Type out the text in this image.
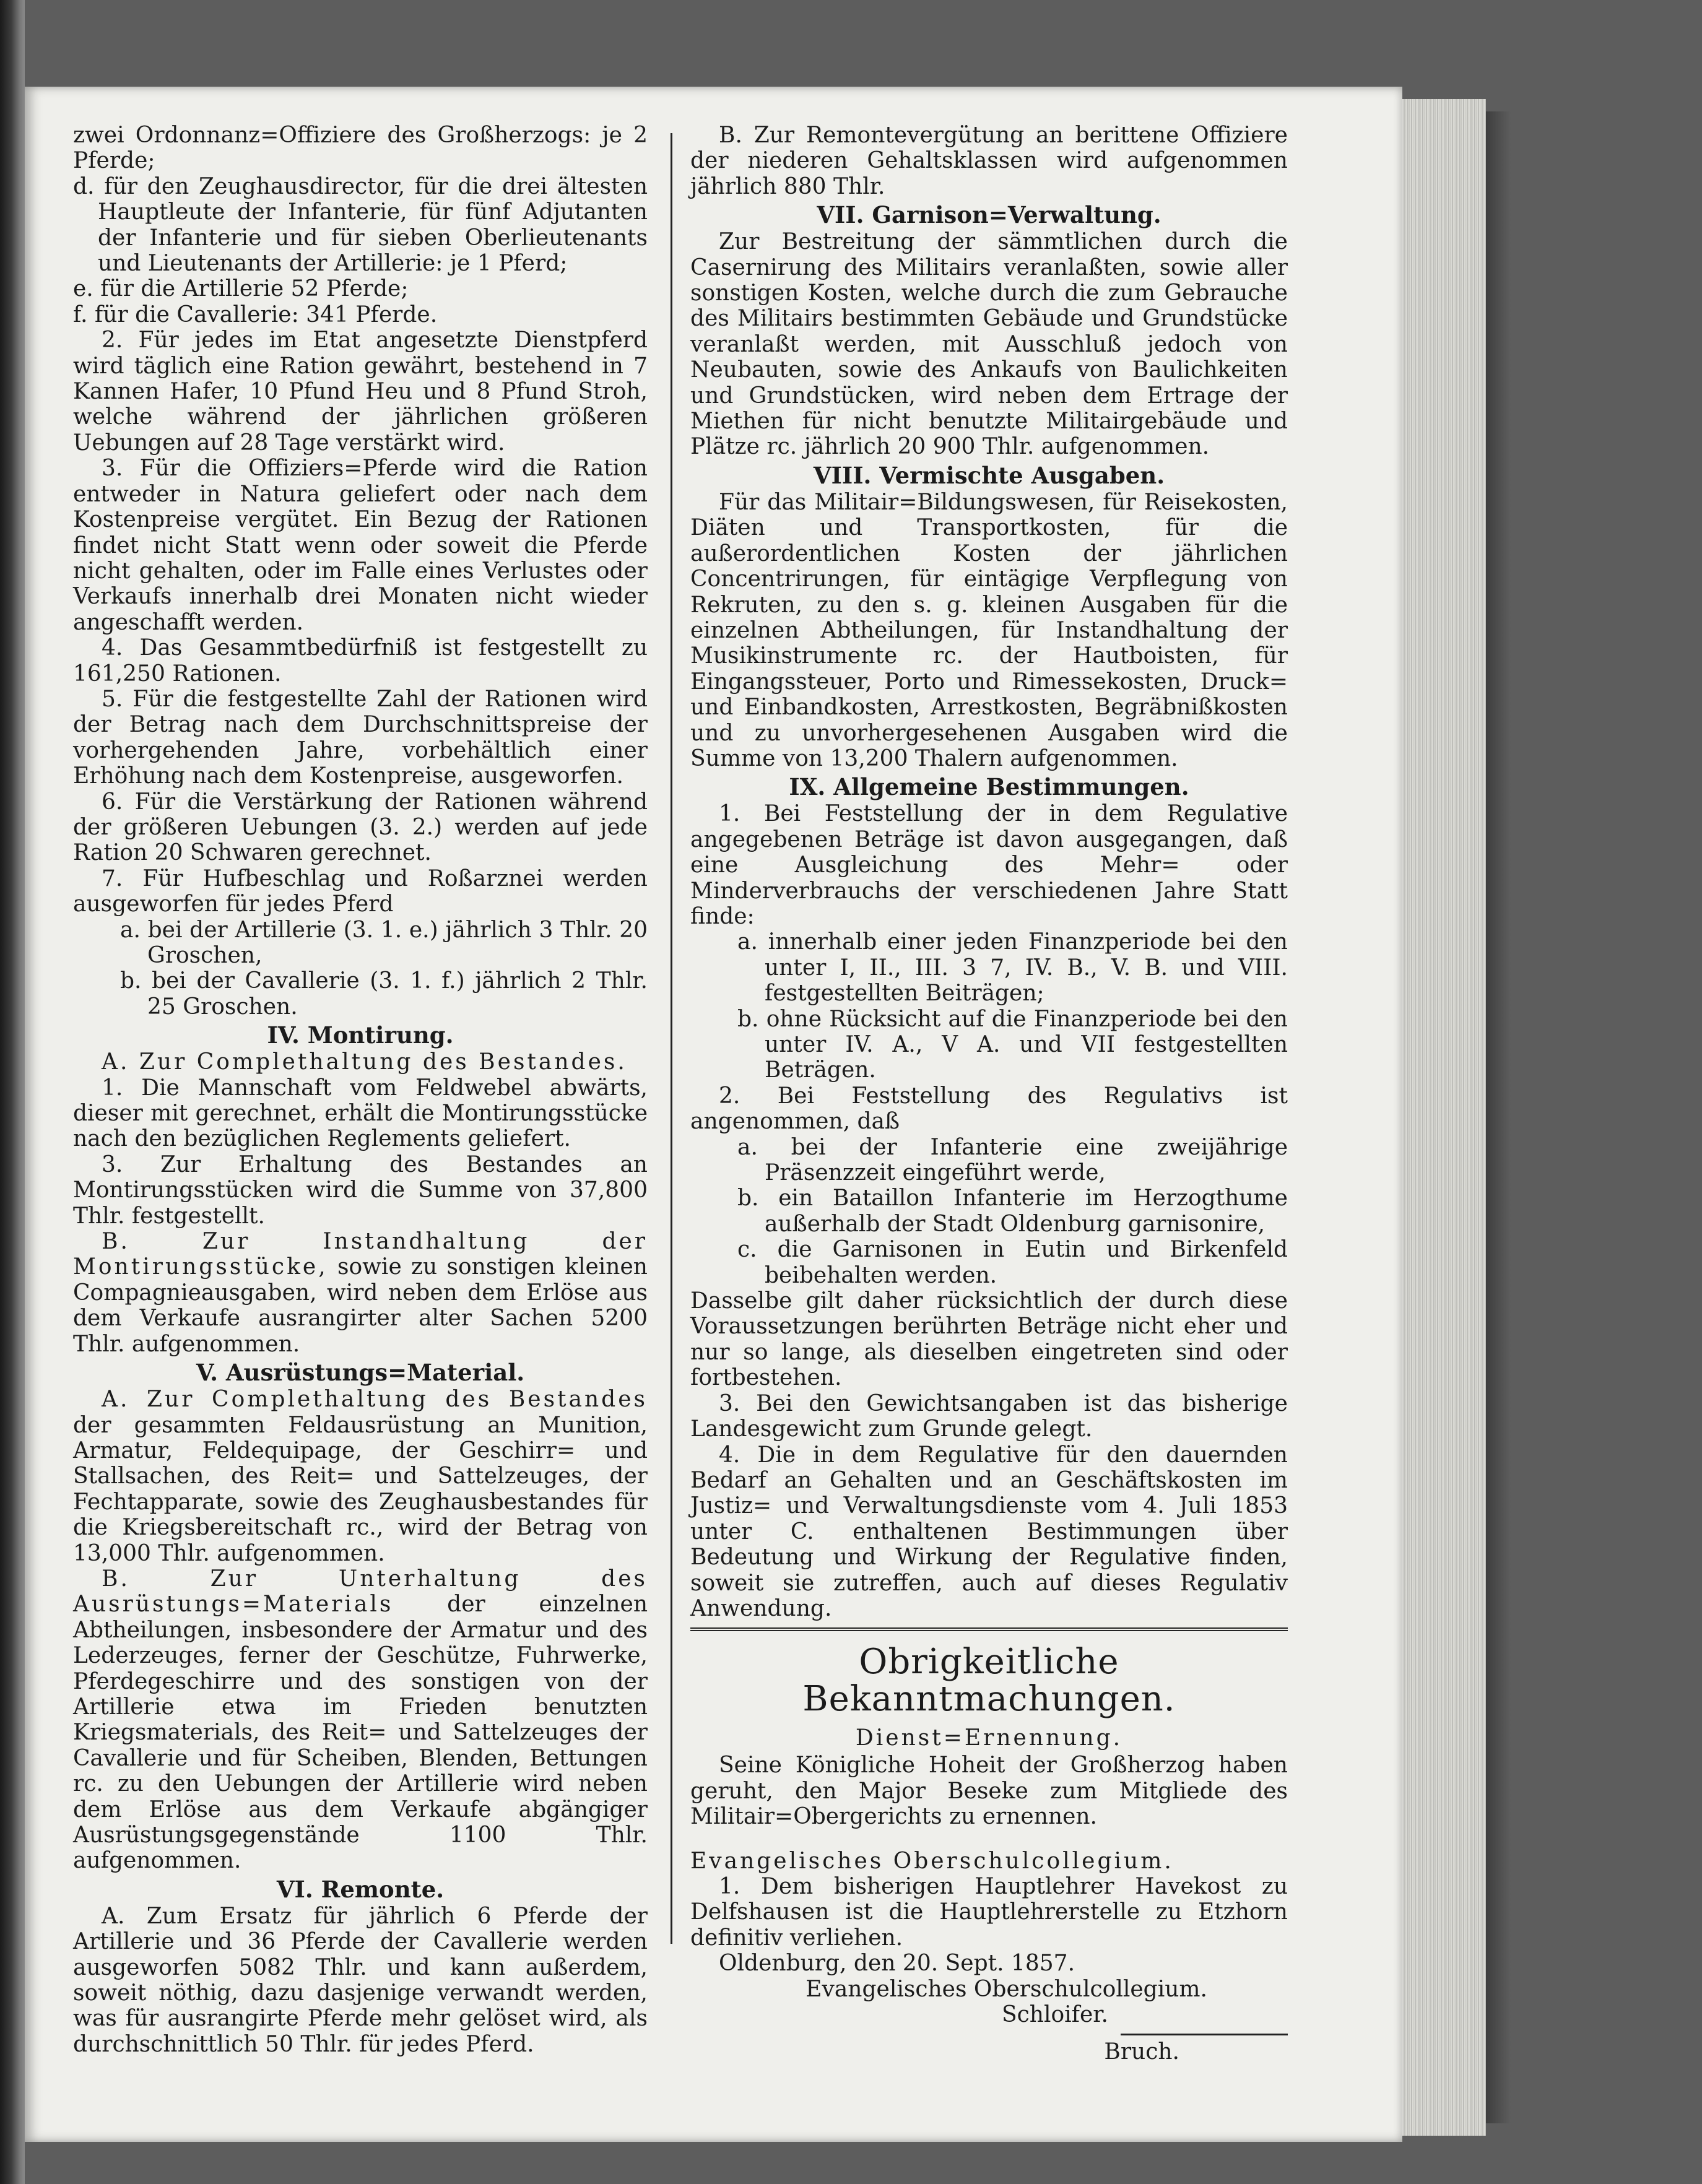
zwei Ordonnanz=Offiziere des Großherzogs: je 2 Pferde;

d. für den Zeughausdirector, für die drei ältesten Hauptleute der Infanterie, für fünf Adjutanten der Infanterie und für sieben Oberlieutenants und Lieutenants der Artillerie: je 1 Pferd;

e. für die Artillerie 52 Pferde;

f. für die Cavallerie: 341 Pferde.

2. Für jedes im Etat angesetzte Dienstpferd wird täglich eine Ration gewährt, bestehend in 7 Kannen Hafer, 10 Pfund Heu und 8 Pfund Stroh, welche während der jährlichen größeren Uebungen auf 28 Tage verstärkt wird.

3. Für die Offiziers=Pferde wird die Ration entweder in Natura geliefert oder nach dem Kostenpreise vergütet. Ein Bezug der Rationen findet nicht Statt wenn oder soweit die Pferde nicht gehalten, oder im Falle eines Verlustes oder Verkaufs innerhalb drei Monaten nicht wieder angeschafft werden.

4. Das Gesammtbedürfniß ist festgestellt zu 161,250 Rationen.

5. Für die festgestellte Zahl der Rationen wird der Betrag nach dem Durchschnittspreise der vorhergehenden Jahre, vorbehältlich einer Erhöhung nach dem Kostenpreise, ausgeworfen.

6. Für die Verstärkung der Rationen während der größeren Uebungen (3. 2.) werden auf jede Ration 20 Schwaren gerechnet.

7. Für Hufbeschlag und Roßarznei werden ausgeworfen für jedes Pferd

a. bei der Artillerie (3. 1. e.) jährlich 3 Thlr. 20 Groschen,

b. bei der Cavallerie (3. 1. f.) jährlich 2 Thlr. 25 Groschen.

IV. Montirung.

A. Zur Complethaltung des Bestandes.

1. Die Mannschaft vom Feldwebel abwärts, dieser mit gerechnet, erhält die Montirungsstücke nach den bezüglichen Reglements geliefert.

3. Zur Erhaltung des Bestandes an Montirungsstücken wird die Summe von 37,800 Thlr. festgestellt.

B. Zur Instandhaltung der Montirungsstücke, sowie zu sonstigen kleinen Compagnieausgaben, wird neben dem Erlöse aus dem Verkaufe ausrangirter alter Sachen 5200 Thlr. aufgenommen.

V. Ausrüstungs=Material.

A. Zur Complethaltung des Bestandes der gesammten Feldausrüstung an Munition, Armatur, Feldequipage, der Geschirr= und Stallsachen, des Reit= und Sattelzeuges, der Fechtapparate, sowie des Zeughausbestandes für die Kriegsbereitschaft rc., wird der Betrag von 13,000 Thlr. aufgenommen.

B. Zur Unterhaltung des Ausrüstungs=Materials der einzelnen Abtheilungen, insbesondere der Armatur und des Lederzeuges, ferner der Geschütze, Fuhrwerke, Pferdegeschirre und des sonstigen von der Artillerie etwa im Frieden benutzten Kriegsmaterials, des Reit= und Sattelzeuges der Cavallerie und für Scheiben, Blenden, Bettungen rc. zu den Uebungen der Artillerie wird neben dem Erlöse aus dem Verkaufe abgängiger Ausrüstungsgegenstände 1100 Thlr. aufgenommen.

VI. Remonte.

A. Zum Ersatz für jährlich 6 Pferde der Artillerie und 36 Pferde der Cavallerie werden ausgeworfen 5082 Thlr. und kann außerdem, soweit nöthig, dazu dasjenige verwandt werden, was für ausrangirte Pferde mehr gelöset wird, als durchschnittlich 50 Thlr. für jedes Pferd.

B. Zur Remontevergütung an berittene Offiziere der niederen Gehaltsklassen wird aufgenommen jährlich 880 Thlr.

VII. Garnison=Verwaltung.

Zur Bestreitung der sämmtlichen durch die Casernirung des Militairs veranlaßten, sowie aller sonstigen Kosten, welche durch die zum Gebrauche des Militairs bestimmten Gebäude und Grundstücke veranlaßt werden, mit Ausschluß jedoch von Neubauten, sowie des Ankaufs von Baulichkeiten und Grundstücken, wird neben dem Ertrage der Miethen für nicht benutzte Militairgebäude und Plätze rc. jährlich 20 900 Thlr. aufgenommen.

VIII. Vermischte Ausgaben.

Für das Militair=Bildungswesen, für Reisekosten, Diäten und Transportkosten, für die außerordentlichen Kosten der jährlichen Concentrirungen, für eintägige Verpflegung von Rekruten, zu den s. g. kleinen Ausgaben für die einzelnen Abtheilungen, für Instandhaltung der Musikinstrumente rc. der Hautboisten, für Eingangssteuer, Porto und Rimessekosten, Druck= und Einbandkosten, Arrestkosten, Begräbnißkosten und zu unvorhergesehenen Ausgaben wird die Summe von 13,200 Thalern aufgenommen.

IX. Allgemeine Bestimmungen.

1. Bei Feststellung der in dem Regulative angegebenen Beträge ist davon ausgegangen, daß eine Ausgleichung des Mehr= oder Minderverbrauchs der verschiedenen Jahre Statt finde:

a. innerhalb einer jeden Finanzperiode bei den unter I, II., III. 3 7, IV. B., V. B. und VIII. festgestellten Beiträgen;

b. ohne Rücksicht auf die Finanzperiode bei den unter IV. A., V A. und VII festgestellten Beträgen.

2. Bei Feststellung des Regulativs ist angenommen, daß

a. bei der Infanterie eine zweijährige Präsenzzeit eingeführt werde,

b. ein Bataillon Infanterie im Herzogthume außerhalb der Stadt Oldenburg garnisonire,

c. die Garnisonen in Eutin und Birkenfeld beibehalten werden.

Dasselbe gilt daher rücksichtlich der durch diese Voraussetzungen berührten Beträge nicht eher und nur so lange, als dieselben eingetreten sind oder fortbestehen.

3. Bei den Gewichtsangaben ist das bisherige Landesgewicht zum Grunde gelegt.

4. Die in dem Regulative für den dauernden Bedarf an Gehalten und an Geschäftskosten im Justiz= und Verwaltungsdienste vom 4. Juli 1853 unter C. enthaltenen Bestimmungen über Bedeutung und Wirkung der Regulative finden, soweit sie zutreffen, auch auf dieses Regulativ Anwendung.

Obrigkeitliche Bekanntmachungen.
Dienst=Ernennung.

Seine Königliche Hoheit der Großherzog haben geruht, den Major Beseke zum Mitgliede des Militair=Obergerichts zu ernennen.

Evangelisches Oberschulcollegium.

1. Dem bisherigen Hauptlehrer Havekost zu Delfshausen ist die Hauptlehrerstelle zu Etzhorn definitiv verliehen.

Oldenburg, den 20. Sept. 1857.

Evangelisches Oberschulcollegium.
Schloifer.
Bruch.
